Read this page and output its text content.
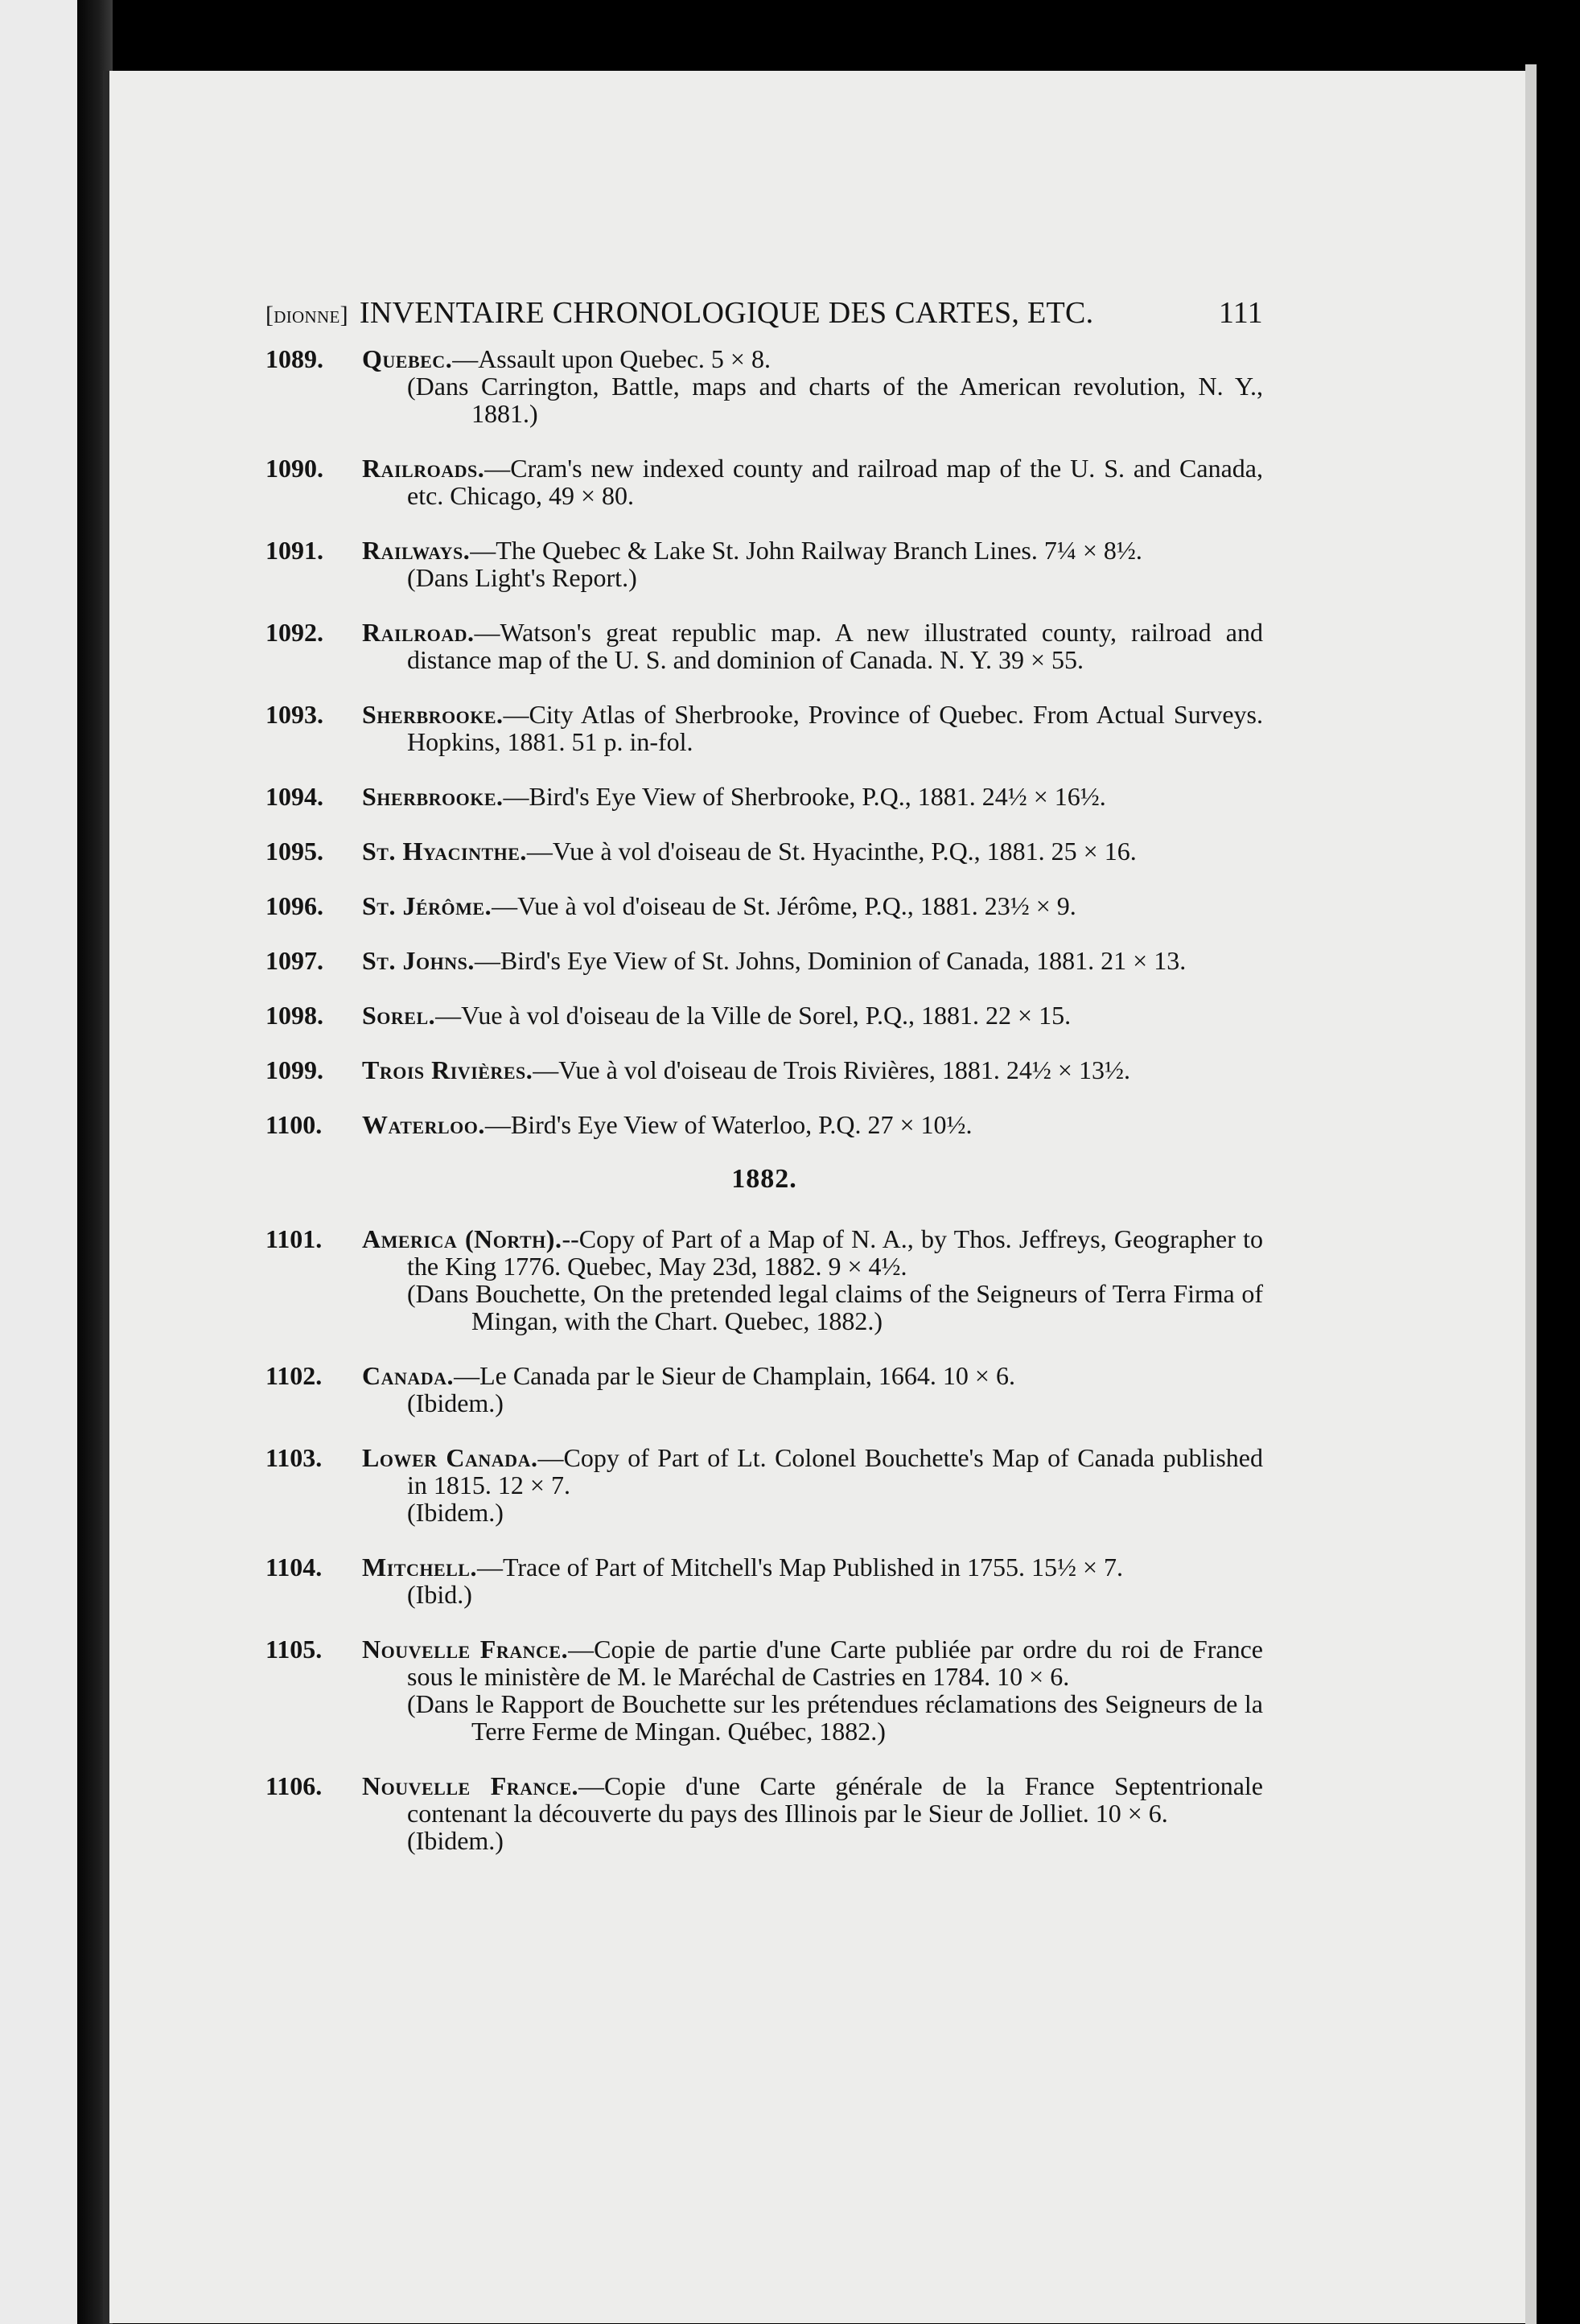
[dionne] INVENTAIRE CHRONOLOGIQUE DES CARTES, ETC.	111
1089.	Quebec.—Assault upon Quebec. 5 × 8.
(Dans Carrington, Battle, maps and charts of the American revolution, N. Y., 1881.)
1090.	Railroads.—Cram's new indexed county and railroad map of the U. S. and Canada, etc. Chicago, 49 × 80.
1091.	Railways.—The Quebec & Lake St. John Railway Branch Lines. 7¼ × 8½.
(Dans Light's Report.)
1092.	Railroad.—Watson's great republic map. A new illustrated county, railroad and distance map of the U. S. and dominion of Canada. N. Y. 39 × 55.
1093.	Sherbrooke.—City Atlas of Sherbrooke, Province of Quebec. From Actual Surveys. Hopkins, 1881. 51 p. in-fol.
1094.	Sherbrooke.—Bird's Eye View of Sherbrooke, P.Q., 1881. 24½ × 16½.
1095.	St. Hyacinthe.—Vue à vol d'oiseau de St. Hyacinthe, P.Q., 1881. 25 × 16.
1096.	St. Jérôme.—Vue à vol d'oiseau de St. Jérôme, P.Q., 1881. 23½ × 9.
1097.	St. Johns.—Bird's Eye View of St. Johns, Dominion of Canada, 1881. 21 × 13.
1098.	Sorel.—Vue à vol d'oiseau de la Ville de Sorel, P.Q., 1881. 22 × 15.
1099.	Trois Rivières.—Vue à vol d'oiseau de Trois Rivières, 1881. 24½ × 13½.
1100.	Waterloo.—Bird's Eye View of Waterloo, P.Q. 27 × 10½.
1882.
1101.	America (North).--Copy of Part of a Map of N. A., by Thos. Jeffreys, Geographer to the King 1776. Quebec, May 23d, 1882. 9 × 4½.
(Dans Bouchette, On the pretended legal claims of the Seigneurs of Terra Firma of Mingan, with the Chart. Quebec, 1882.)
1102.	Canada.—Le Canada par le Sieur de Champlain, 1664. 10 × 6.
(Ibidem.)
1103.	Lower Canada.—Copy of Part of Lt. Colonel Bouchette's Map of Canada published in 1815. 12 × 7.
(Ibidem.)
1104.	Mitchell.—Trace of Part of Mitchell's Map Published in 1755. 15½ × 7.
(Ibid.)
1105.	Nouvelle France.—Copie de partie d'une Carte publiée par ordre du roi de France sous le ministère de M. le Maréchal de Castries en 1784. 10 × 6.
(Dans le Rapport de Bouchette sur les prétendues réclamations des Seigneurs de la Terre Ferme de Mingan. Québec, 1882.)
1106.	Nouvelle France.—Copie d'une Carte générale de la France Septentrionale contenant la découverte du pays des Illinois par le Sieur de Jolliet. 10 × 6.
(Ibidem.)
